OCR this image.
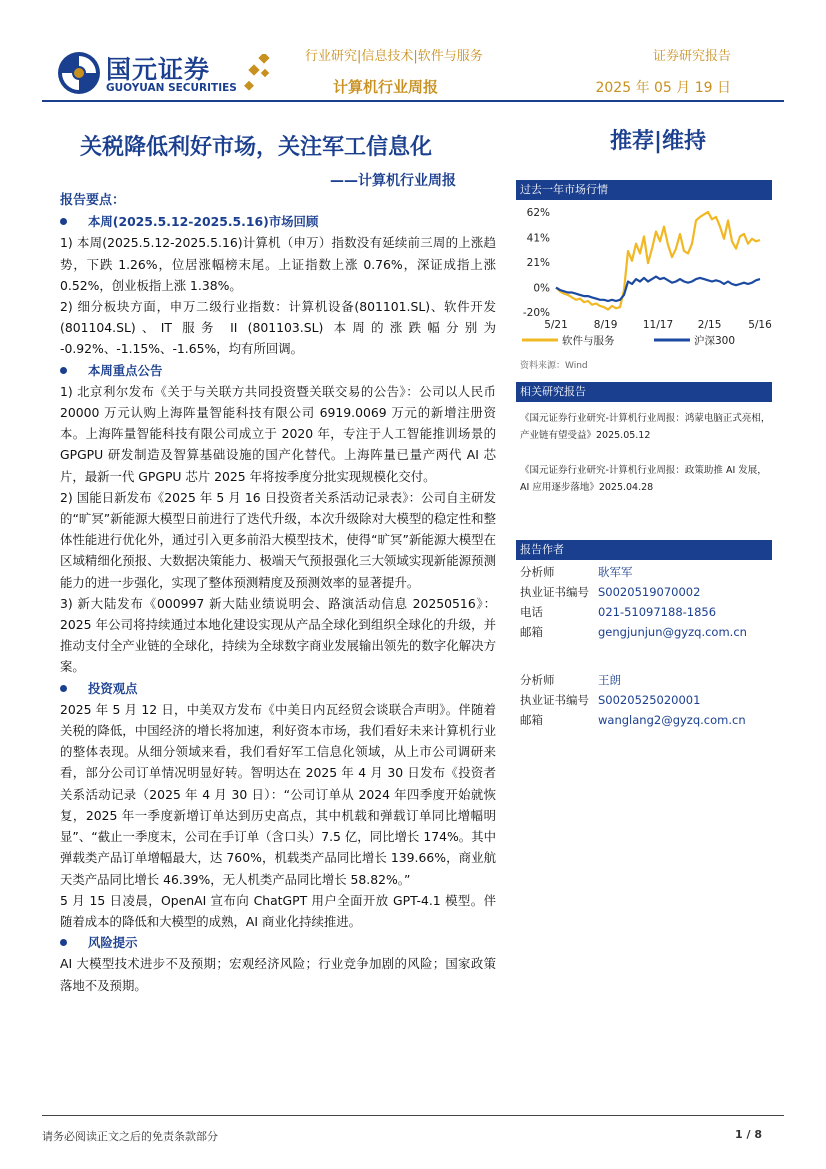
国元证券
GUOYUAN SECURITIES
行业研究|信息技术|软件与服务	证券研究报告
计算机行业周报	2025 年 05 月 19 日
关税降低利好市场，关注军工信息化
——计算机行业周报
推荐|维持
报告要点：
本周(2025.5.12-2025.5.16)市场回顾

1) 本周(2025.5.12-2025.5.16)计算机（申万）指数没有延续前三周的上涨趋势，下跌 1.26%，位居涨幅榜末尾。上证指数上涨 0.76%，深证成指上涨 0.52%，创业板指上涨 1.38%。

2) 细分板块方面，申万二级行业指数：计算机设备(801101.SL)、软件开发(801104.SL)、IT 服务 II (801103.SL) 本周的涨跌幅分别为 -0.92%、-1.15%、-1.65%，均有所回调。

本周重点公告

1) 北京利尔发布《关于与关联方共同投资暨关联交易的公告》：公司以人民币 20000 万元认购上海阵量智能科技有限公司 6919.0069 万元的新增注册资本。上海阵量智能科技有限公司成立于 2020 年，专注于人工智能推训场景的 GPGPU 研发制造及智算基础设施的国产化替代。上海阵量已量产两代 AI 芯片，最新一代 GPGPU 芯片 2025 年将按季度分批实现规模化交付。

2) 国能日新发布《2025 年 5 月 16 日投资者关系活动记录表》：公司自主研发的“旷冥”新能源大模型日前进行了迭代升级，本次升级除对大模型的稳定性和整体性能进行优化外，通过引入更多前沿大模型技术，使得“旷冥”新能源大模型在区域精细化预报、大数据决策能力、极端天气预报强化三大领域实现新能源预测能力的进一步强化，实现了整体预测精度及预测效率的显著提升。

3) 新大陆发布《000997 新大陆业绩说明会、路演活动信息 20250516》：2025 年公司将持续通过本地化建设实现从产品全球化到组织全球化的升级，并推动支付全产业链的全球化，持续为全球数字商业发展输出领先的数字化解决方案。

投资观点

2025 年 5 月 12 日，中美双方发布《中美日内瓦经贸会谈联合声明》。伴随着关税的降低，中国经济的增长将加速，利好资本市场，我们看好未来计算机行业的整体表现。从细分领域来看，我们看好军工信息化领域，从上市公司调研来看，部分公司订单情况明显好转。智明达在 2025 年 4 月 30 日发布《投资者关系活动记录（2025 年 4 月 30 日）：“公司订单从 2024 年四季度开始就恢复，2025 年一季度新增订单达到历史高点，其中机载和弹载订单同比增幅明显”、“截止一季度末，公司在手订单（含口头）7.5 亿，同比增长 174%。其中弹载类产品订单增幅最大，达 760%，机载类产品同比增长 139.66%，商业航天类产品同比增长 46.39%，无人机类产品同比增长 58.82%。”

5 月 15 日凌晨，OpenAI 宣布向 ChatGPT 用户全面开放 GPT-4.1 模型。伴随着成本的降低和大模型的成熟，AI 商业化持续推进。

风险提示

AI 大模型技术进步不及预期；宏观经济风险；行业竞争加剧的风险；国家政策落地不及预期。

过去一年市场行情
62%
41%
21%
0%
-20%
5/21 8/19 11/17 2/15	5/16
软件与服务	沪深300
资料来源：Wind
相关研究报告
《国元证券行业研究-计算机行业周报：鸿蒙电脑正式亮相，产业链有望受益》2025.05.12
《国元证券行业研究-计算机行业周报：政策助推 AI 发展，AI 应用逐步落地》2025.04.28
报告作者
分析师	耿军军
执业证书编号 S0020519070002
电话	021-51097188-1856
邮箱	gengjunjun@gyzq.com.cn
分析师	王朗
执业证书编号 S0020525020001
邮箱	wanglang2@gyzq.com.cn
请务必阅读正文之后的免责条款部分	1 / 8
